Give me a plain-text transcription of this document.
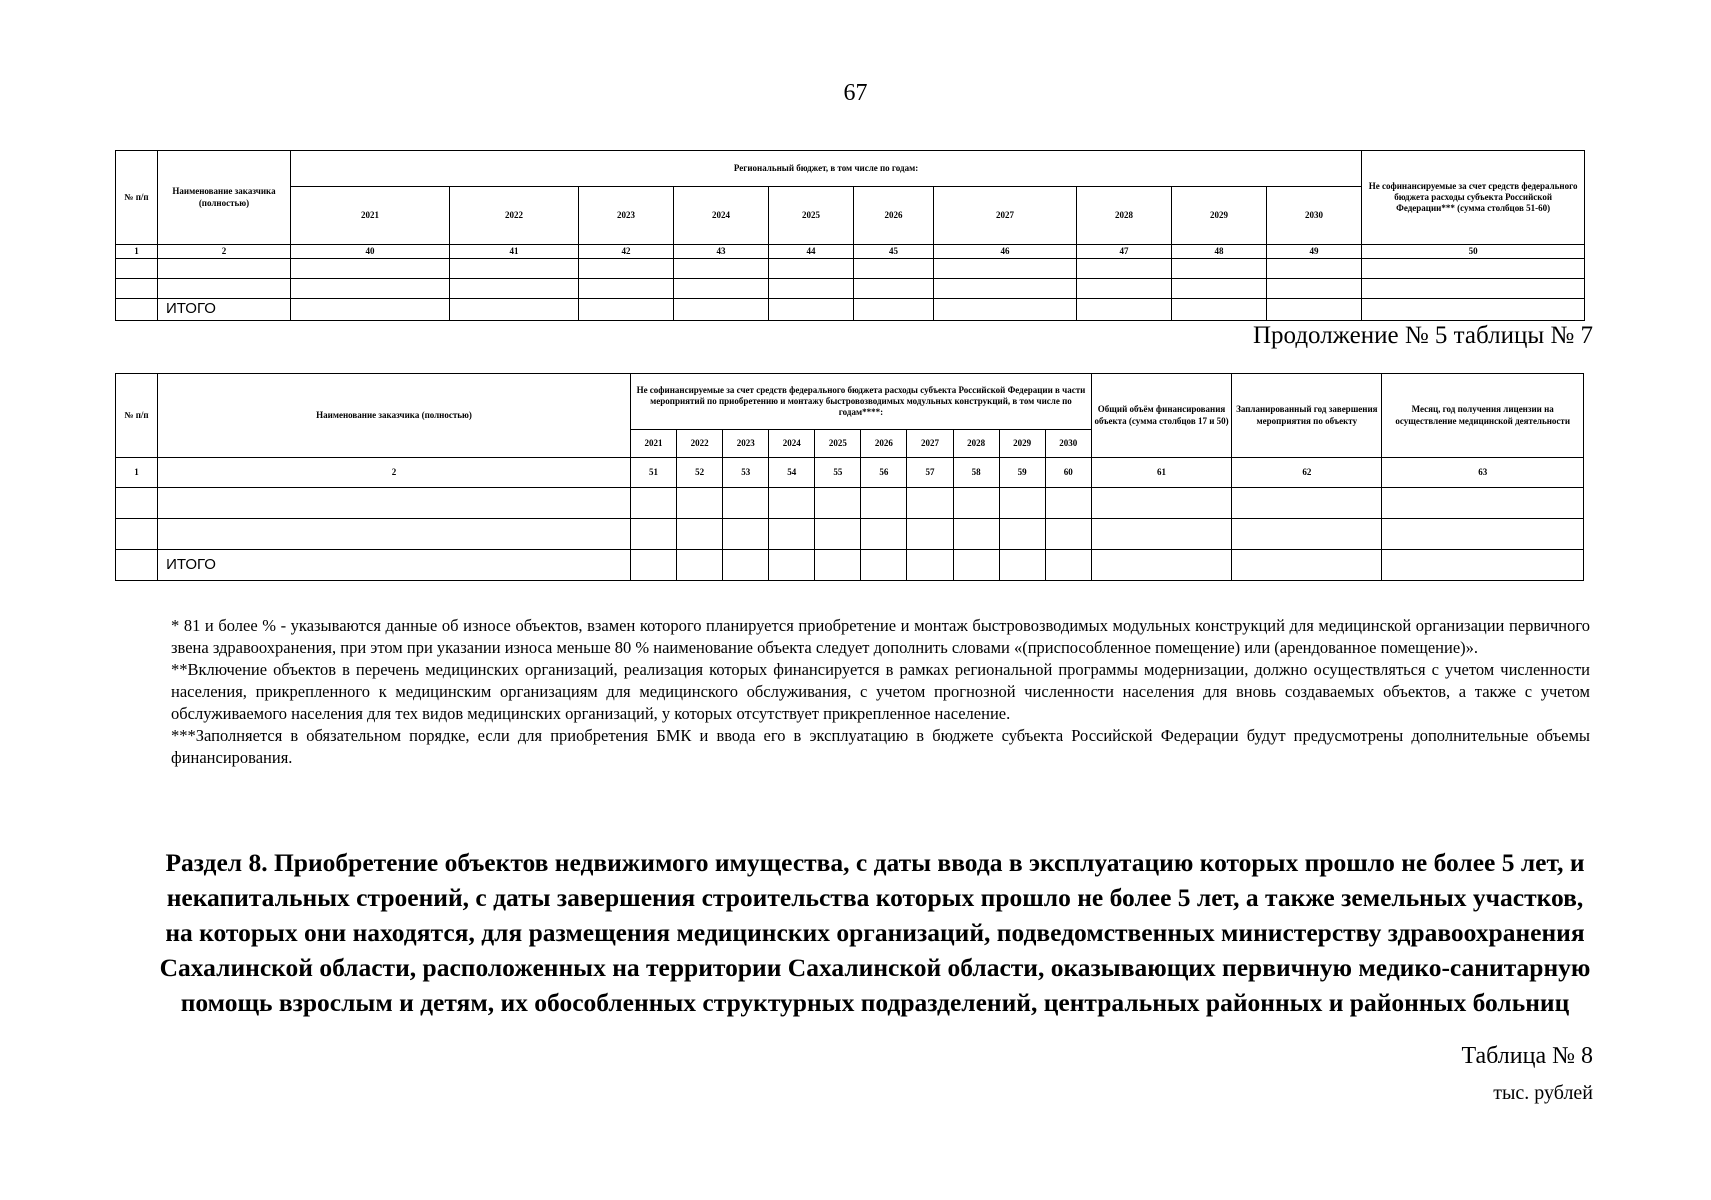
67
№ п/п	Наименование заказчика (полностью)	Региональный бюджет, в том числе по годам:										Не софинансируемые за счет средств федерального бюджета расходы субъекта Российской Федерации*** (сумма столбцов 51-60)
		2021	2022	2023	2024	2025	2026	2027	2028	2029	2030	
1	2	40	41	42	43	44	45	46	47	48	49	50

	ИТОГО											
Продолжение № 5 таблицы № 7
№ п/п	Наименование заказчика (полностью)	Не софинансируемые за счет средств федерального бюджета расходы субъекта Российской Федерации в части мероприятий по приобретению и монтажу быстровозводимых модульных конструкций, в том числе по годам****:										Общий объём финансирования объекта (сумма столбцов 17 и 50)	Запланированный год завершения мероприятия по объекту	Месяц, год получения лицензии на осуществление медицинской деятельности
		2021	2022	2023	2024	2025	2026	2027	2028	2029	2030			
1	2	51	52	53	54	55	56	57	58	59	60	61	62	63

	ИТОГО													

* 81 и более % - указываются данные об износе объектов, взамен которого планируется приобретение и монтаж быстровозводимых модульных конструкций для медицинской организации первичного звена здравоохранения, при этом при указании износа меньше 80 % наименование объекта следует дополнить словами «(приспособленное помещение) или (арендованное помещение)».

**Включение объектов в перечень медицинских организаций, реализация которых финансируется в рамках региональной программы модернизации, должно осуществляться с учетом численности населения, прикрепленного к медицинским организациям для медицинского обслуживания, с учетом прогнозной численности населения для вновь создаваемых объектов, а также с учетом обслуживаемого населения для тех видов медицинских организаций, у которых отсутствует прикрепленное население.

***Заполняется в обязательном порядке, если для приобретения БМК и ввода его в эксплуатацию в бюджете субъекта Российской Федерации будут предусмотрены дополнительные объемы финансирования.

Раздел 8. Приобретение объектов недвижимого имущества, с даты ввода в эксплуатацию которых прошло не более 5 лет, и некапитальных строений, с даты завершения строительства которых прошло не более 5 лет, а также земельных участков, на которых они находятся, для размещения медицинских организаций, подведомственных министерству здравоохранения Сахалинской области, расположенных на территории Сахалинской области, оказывающих первичную медико-санитарную помощь взрослым и детям, их обособленных структурных подразделений, центральных районных и районных больниц
Таблица № 8
тыс. рублей
